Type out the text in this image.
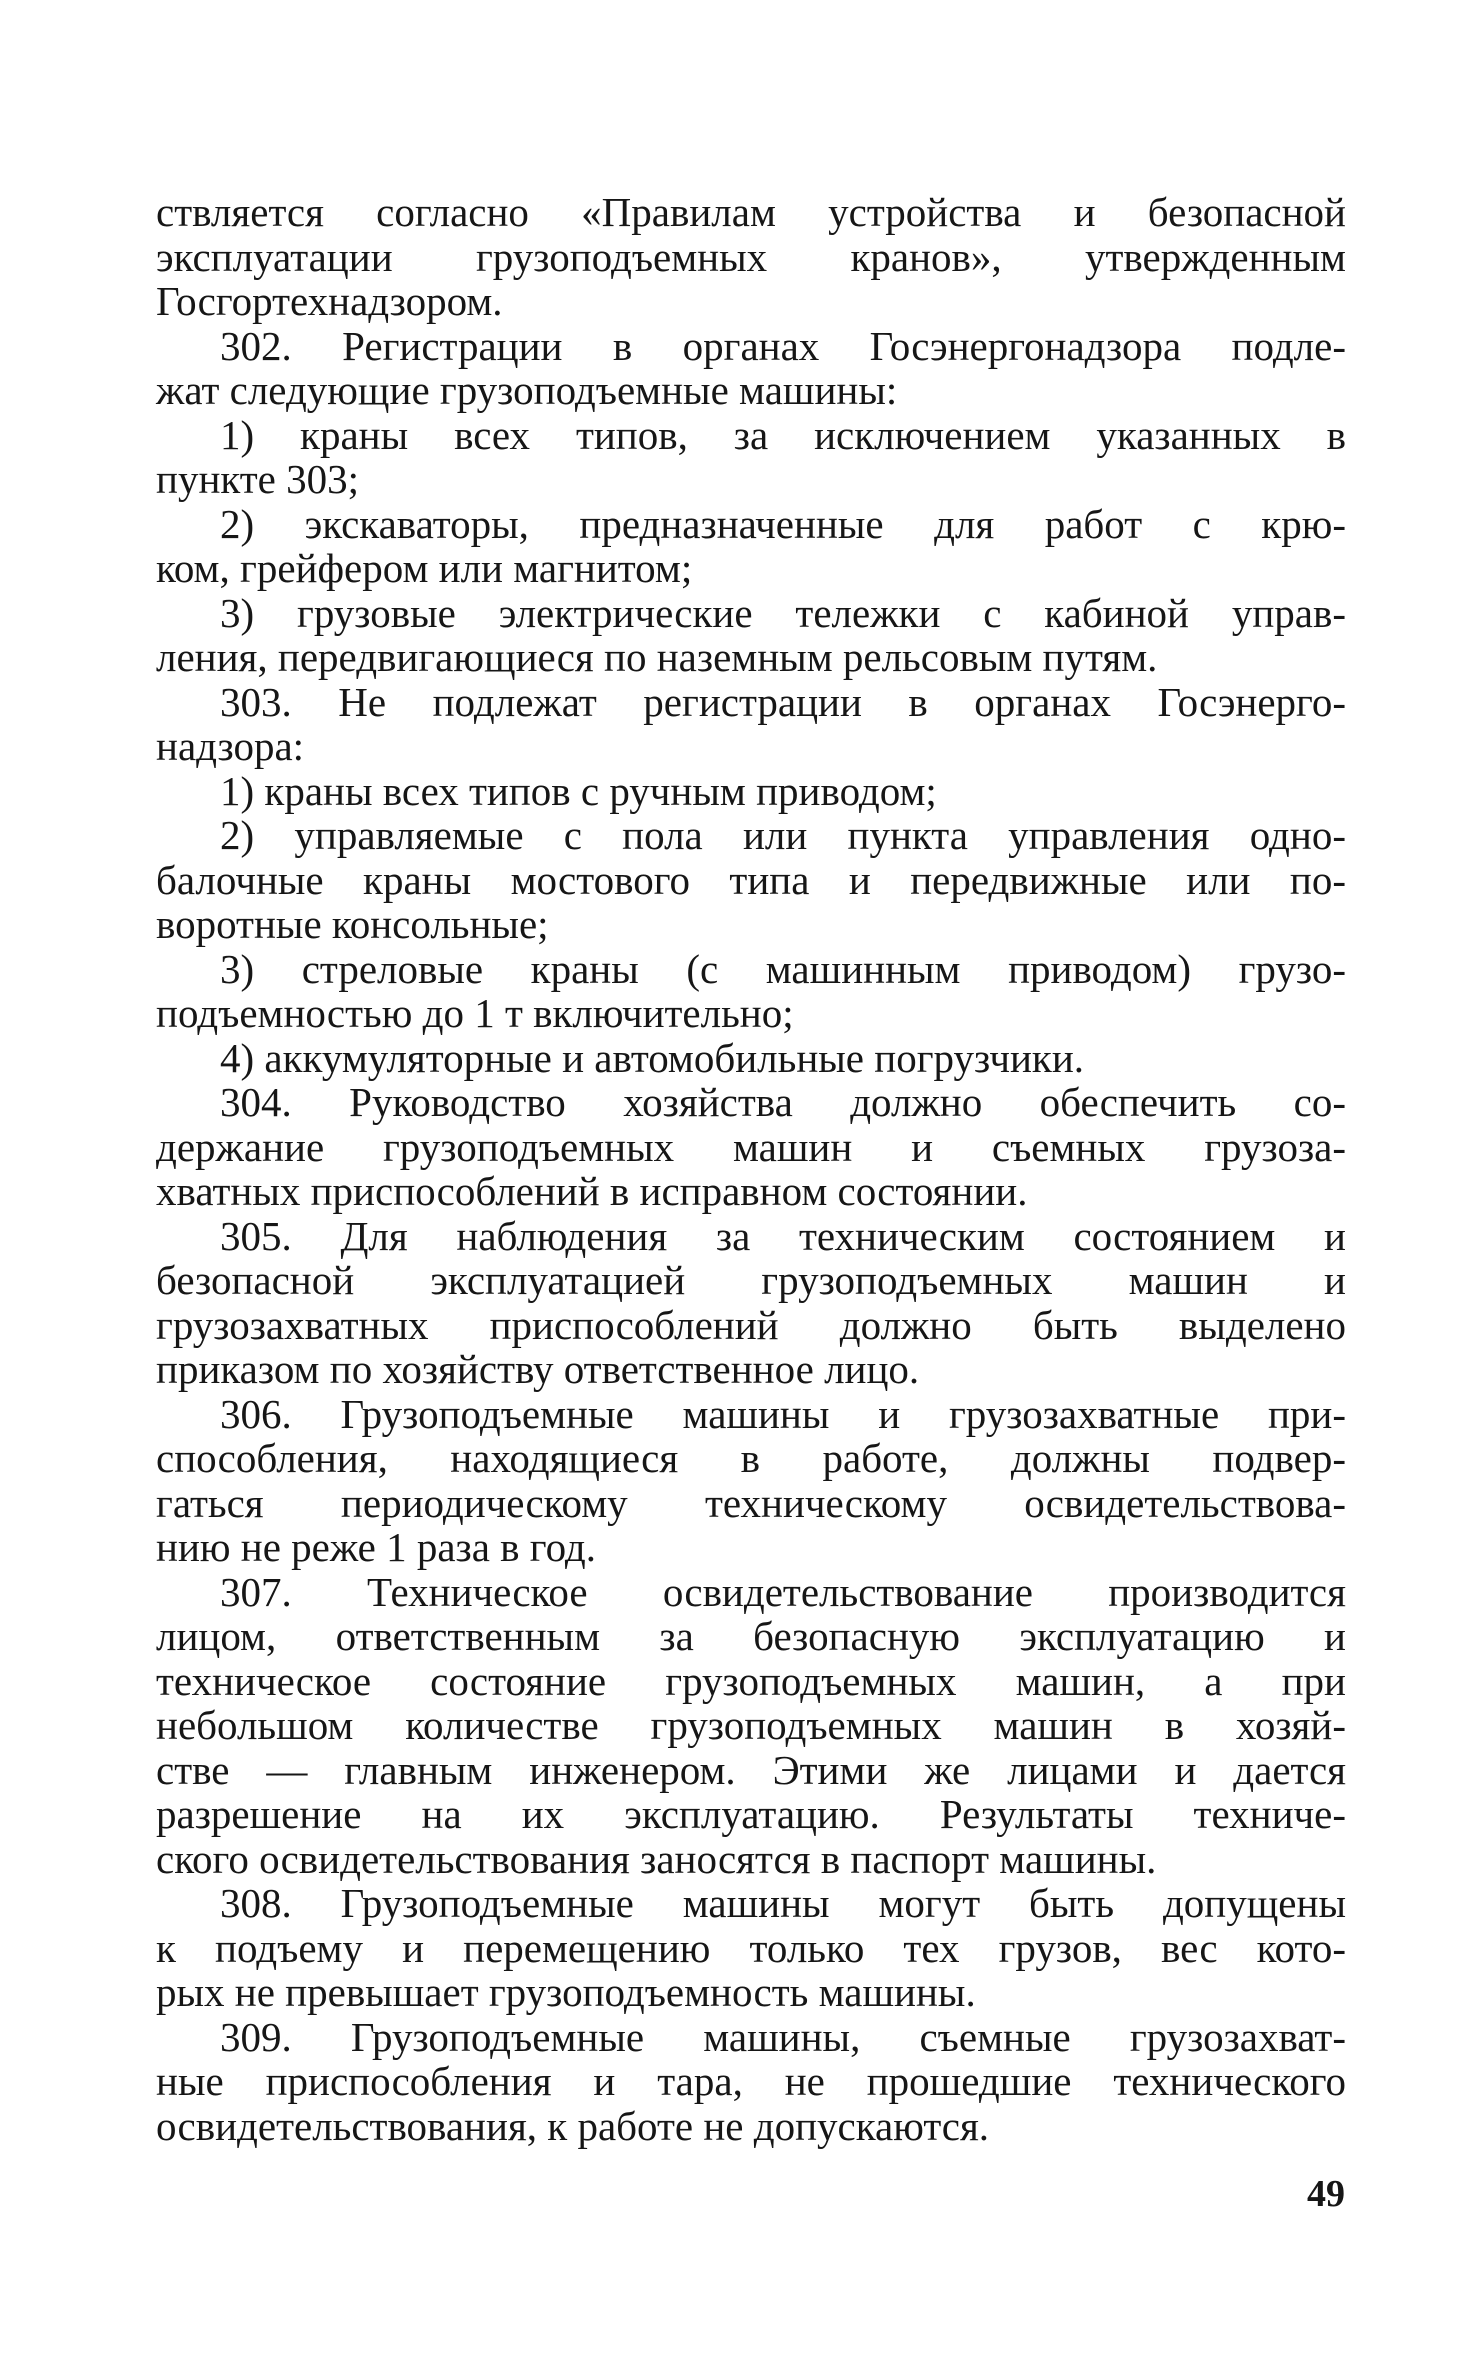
ствляется согласно «Правилам устройства и безопасной
эксплуатации грузоподъемных кранов», утвержденным
Госгортехнадзором.
302. Регистрации в органах Госэнергонадзора подле-
жат следующие грузоподъемные машины:
1) краны всех типов, за исключением указанных в
пункте 303;
2) экскаваторы, предназначенные для работ с крю-
ком, грейфером или магнитом;
3) грузовые электрические тележки с кабиной управ-
ления, передвигающиеся по наземным рельсовым путям.
303. Не подлежат регистрации в органах Госэнерго-
надзора:
1) краны всех типов с ручным приводом;
2) управляемые с пола или пункта управления одно-
балочные краны мостового типа и передвижные или по-
воротные консольные;
3) стреловые краны (с машинным приводом) грузо-
подъемностью до 1 т включительно;
4) аккумуляторные и автомобильные погрузчики.
304. Руководство хозяйства должно обеспечить со-
держание грузоподъемных машин и съемных грузоза-
хватных приспособлений в исправном состоянии.
305. Для наблюдения за техническим состоянием и
безопасной эксплуатацией грузоподъемных машин и
грузозахватных приспособлений должно быть выделено
приказом по хозяйству ответственное лицо.
306. Грузоподъемные машины и грузозахватные при-
способления, находящиеся в работе, должны подвер-
гаться периодическому техническому освидетельствова-
нию не реже 1 раза в год.
307. Техническое освидетельствование производится
лицом, ответственным за безопасную эксплуатацию и
техническое состояние грузоподъемных машин, а при
небольшом количестве грузоподъемных машин в хозяй-
стве — главным инженером. Этими же лицами и дается
разрешение на их эксплуатацию. Результаты техниче-
ского освидетельствования заносятся в паспорт машины.
308. Грузоподъемные машины могут быть допущены
к подъему и перемещению только тех грузов, вес кото-
рых не превышает грузоподъемность машины.
309. Грузоподъемные машины, съемные грузозахват-
ные приспособления и тара, не прошедшие технического
освидетельствования, к работе не допускаются.
49
